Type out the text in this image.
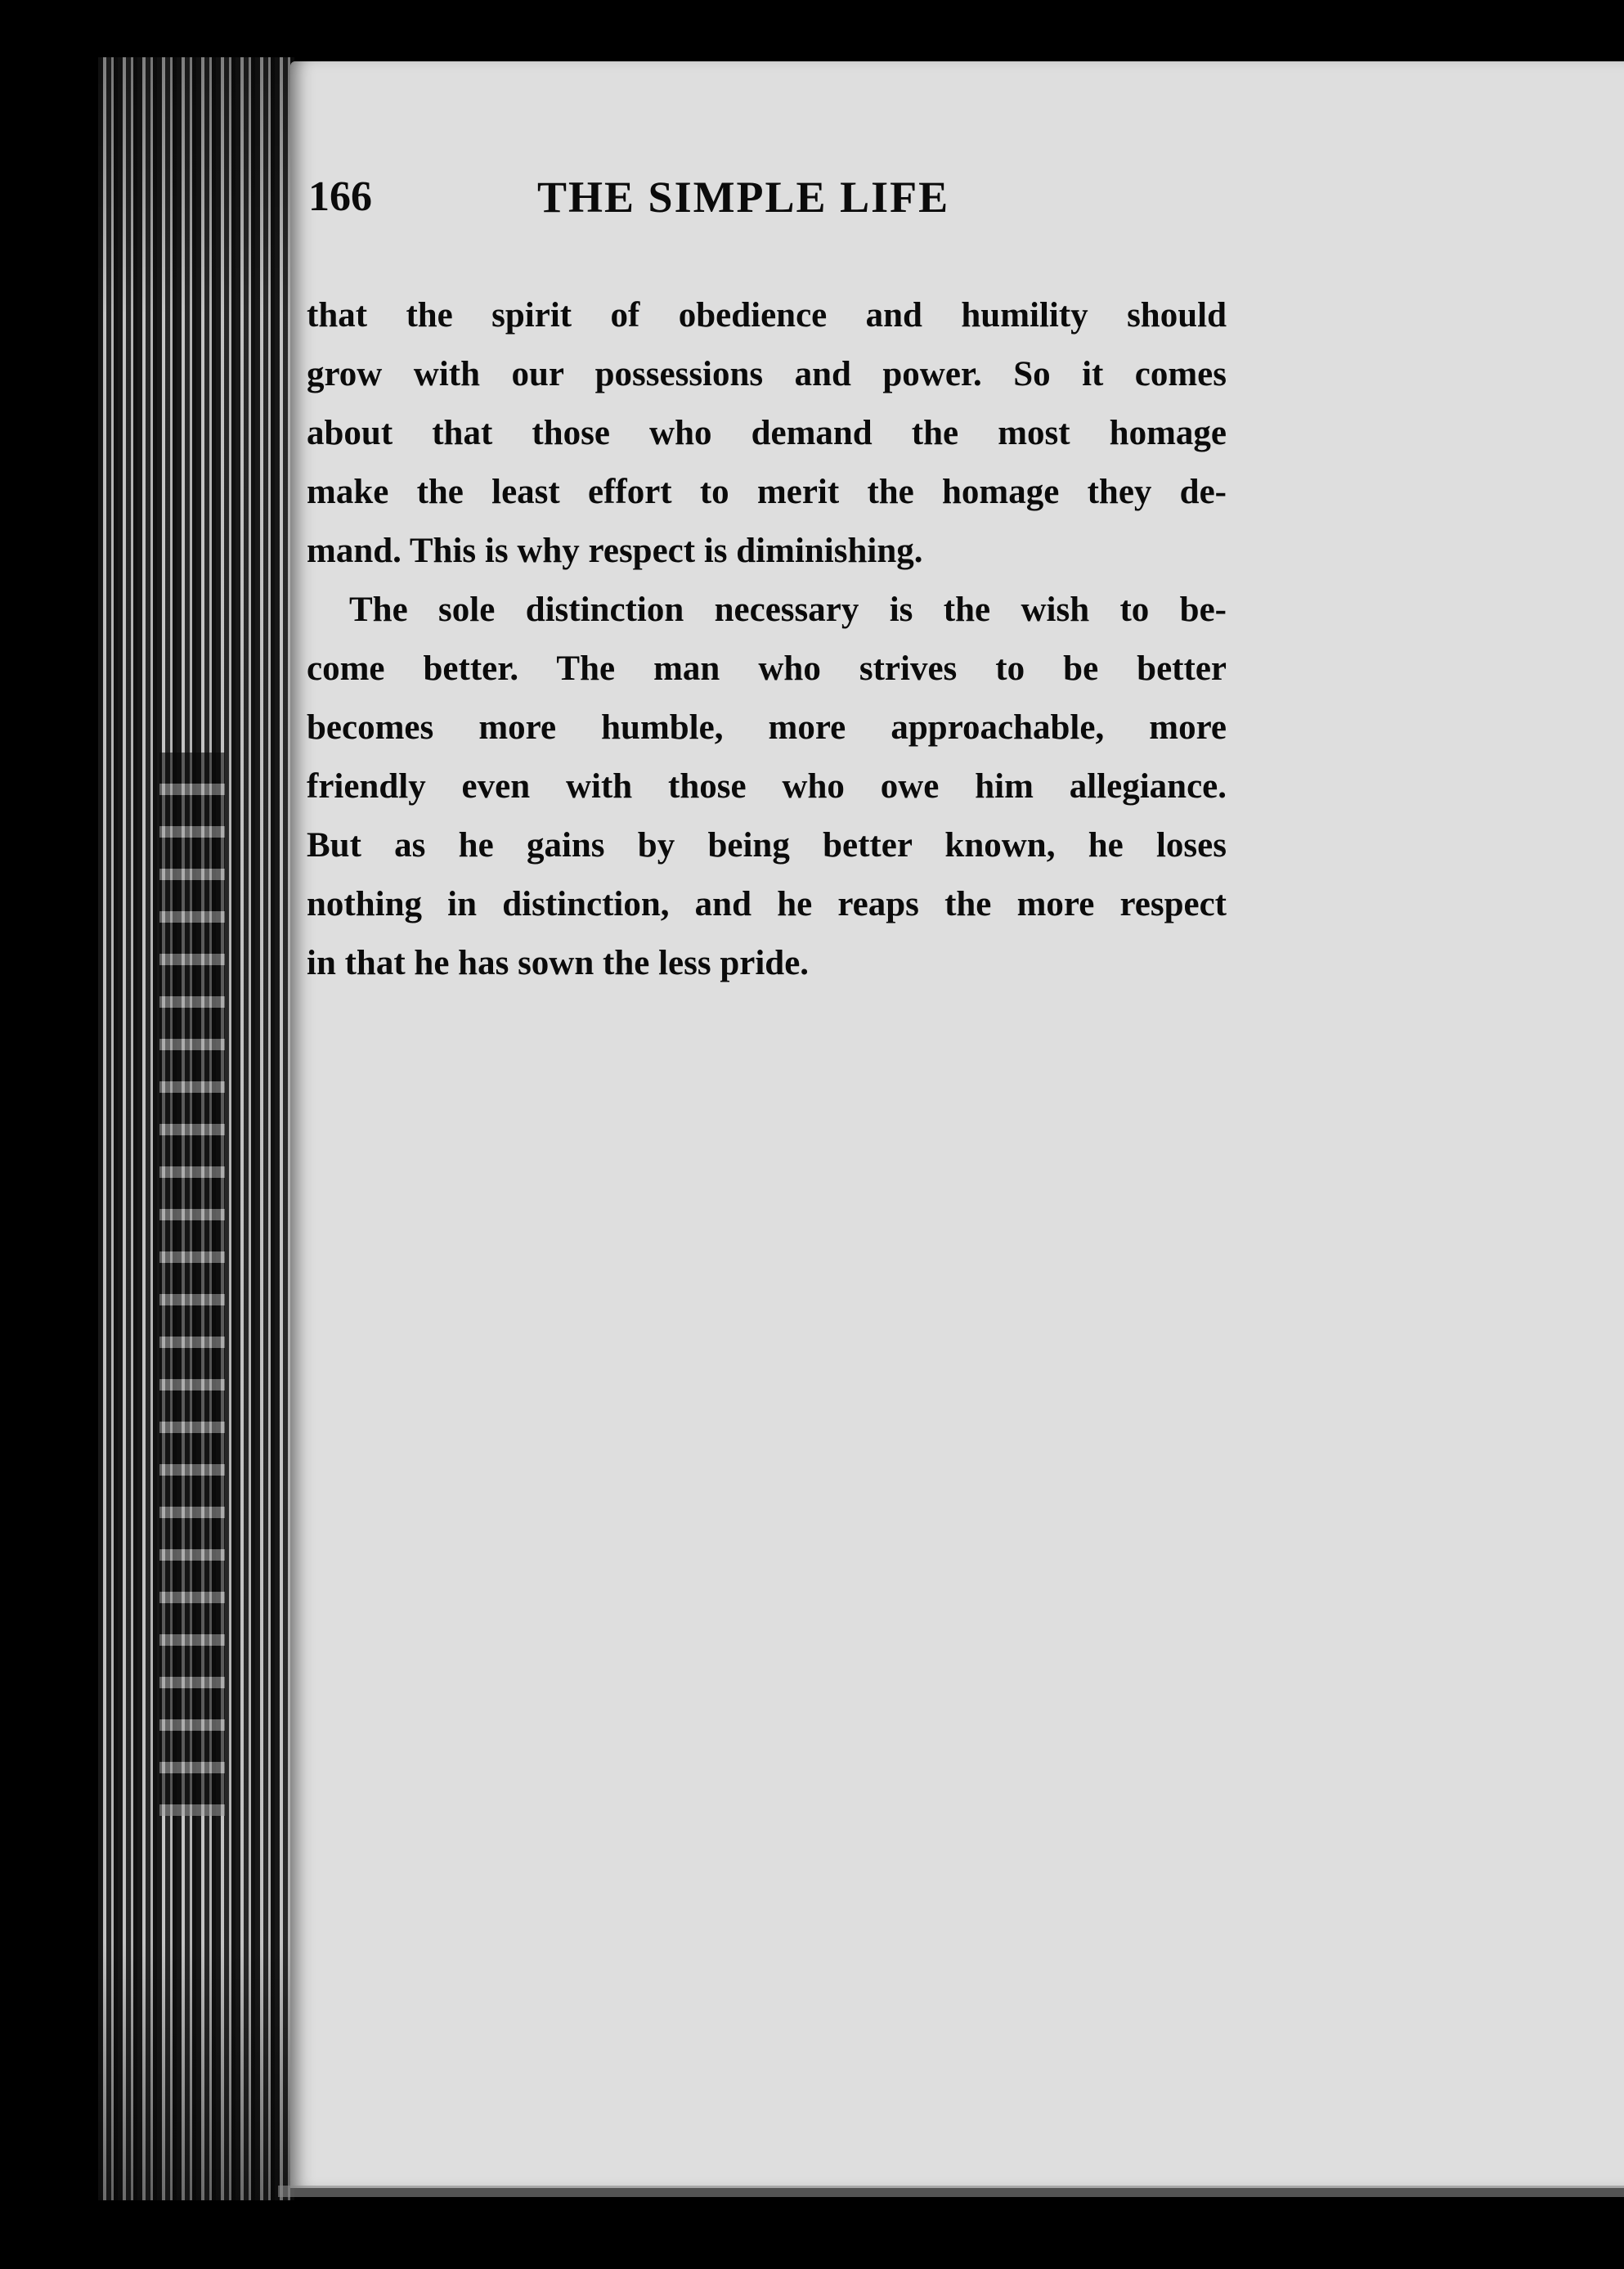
166	THE SIMPLE LIFE
that the spirit of obedience and humility should
grow with our possessions and power. So it comes
about that those who demand the most homage
make the least effort to merit the homage they de-
mand. This is why respect is diminishing.
The sole distinction necessary is the wish to be-
come better. The man who strives to be better
becomes more humble, more approachable, more
friendly even with those who owe him allegiance.
But as he gains by being better known, he loses
nothing in distinction, and he reaps the more respect
in that he has sown the less pride.
